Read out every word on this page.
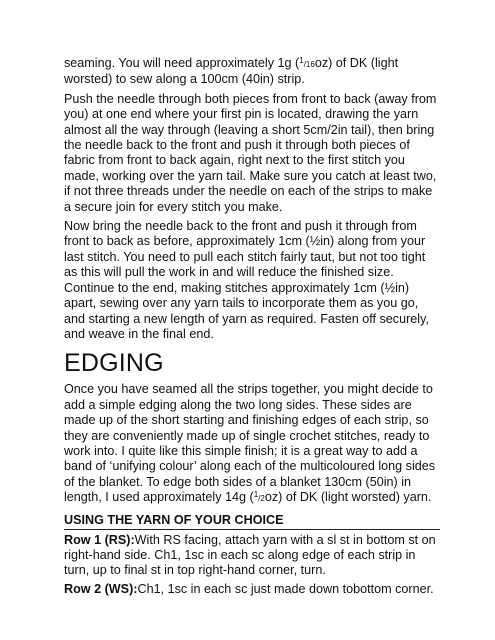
seaming. You will need approximately 1g ($^1$/16oz) of DK (light worsted) to sew along a 100cm (40in) strip.

Push the needle through both pieces from front to back (away from you) at one end where your first pin is located, drawing the yarn almost all the way through (leaving a short 5cm/2in tail), then bring the needle back to the front and push it through both pieces of fabric from front to back again, right next to the first stitch you made, working over the yarn tail. Make sure you catch at least two, if not three threads under the needle on each of the strips to make a secure join for every stitch you make.

Now bring the needle back to the front and push it through from front to back as before, approximately 1cm (½in) along from your last stitch. You need to pull each stitch fairly taut, but not too tight as this will pull the work in and will reduce the finished size. Continue to the end, making stitches approximately 1cm (½in) apart, sewing over any yarn tails to incorporate them as you go, and starting a new length of yarn as required. Fasten off securely, and weave in the final end.

EDGING

Once you have seamed all the strips together, you might decide to add a simple edging along the two long sides. These sides are made up of the short starting and finishing edges of each strip, so they are conveniently made up of single crochet stitches, ready to work into. I quite like this simple finish; it is a great way to add a band of ‘unifying colour’ along each of the multicoloured long sides of the blanket. To edge both sides of a blanket 130cm (50in) in length, I used approximately 14g ($^1$/2oz) of DK (light worsted) yarn.

USING THE YARN OF YOUR CHOICE

Row 1 (RS):With RS facing, attach yarn with a sl st in bottom st on right-hand side. Ch1, 1sc in each sc along edge of each strip in turn, up to final st in top right-hand corner, turn.

Row 2 (WS):Ch1, 1sc in each sc just made down tobottom corner.
